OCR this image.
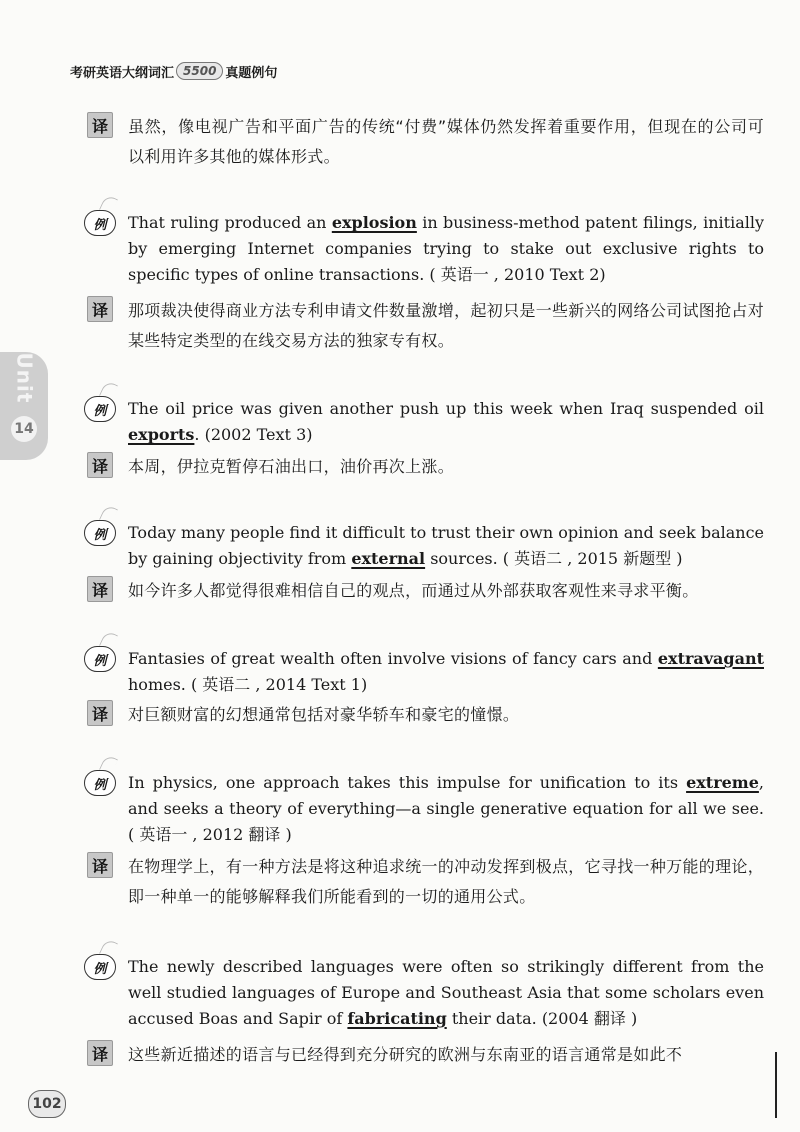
考研英语大纲词汇 5500 真题例句
Unit
14
译	虽然，像电视广告和平面广告的传统“付费”媒体仍然发挥着重要作用，但现在的公司可以利用许多其他的媒体形式。
例	That ruling produced an explosion in business-method patent filings, initially by emerging Internet companies trying to stake out exclusive rights to specific types of online transactions. ( 英语一 , 2010 Text 2)
译	那项裁决使得商业方法专利申请文件数量激增，起初只是一些新兴的网络公司试图抢占对某些特定类型的在线交易方法的独家专有权。
例	The oil price was given another push up this week when Iraq suspended oil exports. (2002 Text 3)
译	本周，伊拉克暂停石油出口，油价再次上涨。
例	Today many people find it difficult to trust their own opinion and seek balance by gaining objectivity from external sources. ( 英语二 , 2015 新题型 )
译	如今许多人都觉得很难相信自己的观点，而通过从外部获取客观性来寻求平衡。
例	Fantasies of great wealth often involve visions of fancy cars and extravagant homes. ( 英语二 , 2014 Text 1)
译	对巨额财富的幻想通常包括对豪华轿车和豪宅的憧憬。
例	In physics, one approach takes this impulse for unification to its extreme, and seeks a theory of everything—a single generative equation for all we see. ( 英语一 , 2012 翻译 )
译	在物理学上，有一种方法是将这种追求统一的冲动发挥到极点，它寻找一种万能的理论，即一种单一的能够解释我们所能看到的一切的通用公式。
例	The newly described languages were often so strikingly different from the well studied languages of Europe and Southeast Asia that some scholars even accused Boas and Sapir of fabricating their data. (2004 翻译 )
译	这些新近描述的语言与已经得到充分研究的欧洲与东南亚的语言通常是如此不
102
